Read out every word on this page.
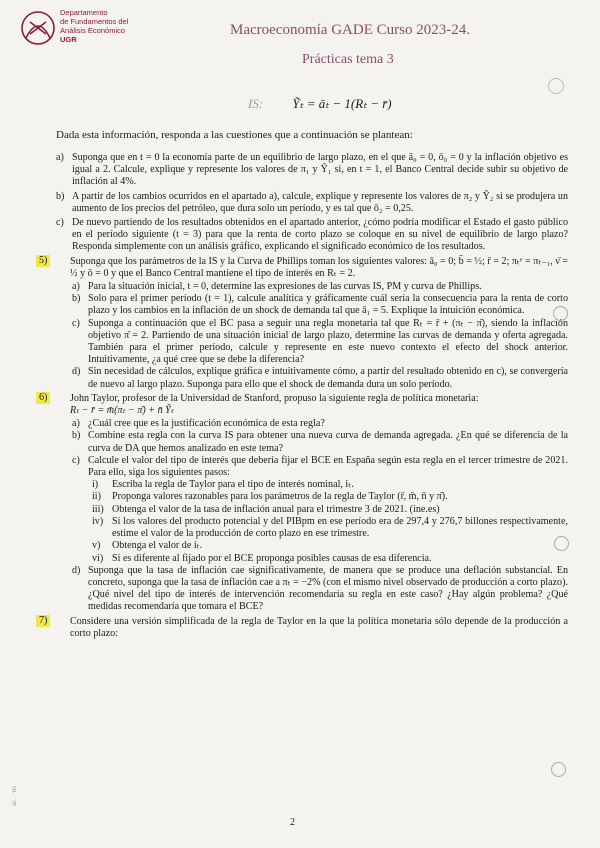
Departamento
de Fundamentos del
Análisis Económico
UGR
Macroeconomía GADE Curso 2023-24.
Prácticas tema 3
IS: Ỹₜ = āₜ − 1(Rₜ − r̄)
Dada esta información, responda a las cuestiones que a continuación se plantean:
a) Suponga que en t = 0 la economía parte de un equilibrio de largo plazo, en el que ā₀ = 0, ō₀ = 0 y la inflación objetivo es igual a 2. Calcule, explique y represente los valores de π₁ y Ỹ₁ si, en t = 1, el Banco Central decide subir su objetivo de inflación al 4%.
b) A partir de los cambios ocurridos en el apartado a), calcule, explique y represente los valores de π₂ y Ỹ₂ si se produjera un aumento de los precios del petróleo, que dura solo un período, y es tal que ō₂ = 0,25.
c) De nuevo partiendo de los resultados obtenidos en el apartado anterior, ¿cómo podría modificar el Estado el gasto público en el período siguiente (t = 3) para que la renta de corto plazo se coloque en su nivel de equilibrio de largo plazo? Responda simplemente con un análisis gráfico, explicando el significado económico de los resultados.
5) Suponga que los parámetros de la IS y la Curva de Phillips toman los siguientes valores: ā₀ = 0; b̄ = ½; r̄ = 2; πₜᵉ = πₜ₋₁, ν̄ = ½ y ō = 0 y que el Banco Central mantiene el tipo de interés en Rₜ = 2.
a) Para la situación inicial, t = 0, determine las expresiones de las curvas IS, PM y curva de Phillips.
b) Solo para el primer período (t = 1), calcule analítica y gráficamente cuál sería la consecuencia para la renta de corto plazo y los cambios en la inflación de un shock de demanda tal que ā₁ = 5. Explique la intuición económica.
c) Suponga a continuación que el BC pasa a seguir una regla monetaria tal que Rₜ = r̄ + (πₜ − π̄), siendo la inflación objetivo π̄ = 2. Partiendo de una situación inicial de largo plazo, determine las curvas de demanda y oferta agregada. También para el primer período, calcule y represente en este nuevo contexto el efecto del shock anterior. Intuitivamente, ¿a qué cree que se debe la diferencia?
d) Sin necesidad de cálculos, explique gráfica e intuitivamente cómo, a partir del resultado obtenido en c), se convergería de nuevo al largo plazo. Suponga para ello que el shock de demanda dura un solo período.
6) John Taylor, profesor de la Universidad de Stanford, propuso la siguiente regla de política monetaria:
Rₜ − r̄ = m̄(πₜ − π̄) + n̄ Ỹₜ
a) ¿Cuál cree que es la justificación económica de esta regla?
b) Combine esta regla con la curva IS para obtener una nueva curva de demanda agregada. ¿En qué se diferencia de la curva de DA que hemos analizado en este tema?
c) Calcule el valor del tipo de interés que debería fijar el BCE en España según esta regla en el tercer trimestre de 2021. Para ello, siga los siguientes pasos:
i) Escriba la regla de Taylor para el tipo de interés nominal, iₜ.
ii) Proponga valores razonables para los parámetros de la regla de Taylor (r̄, m̄, n̄ y π̄).
iii) Obtenga el valor de la tasa de inflación anual para el trimestre 3 de 2021. (ine.es)
iv) Si los valores del producto potencial y del PIBpm en ese período era de 297,4 y 276,7 billones respectivamente, estime el valor de la producción de corto plazo en ese trimestre.
v) Obtenga el valor de iₜ.
vi) Si es diferente al fijado por el BCE proponga posibles causas de esa diferencia.
d) Suponga que la tasa de inflación cae significativamente, de manera que se produce una deflación substancial. En concreto, suponga que la tasa de inflación cae a πₜ = −2% (con el mismo nivel observado de producción a corto plazo). ¿Qué nivel del tipo de interés de intervención recomendaría su regla en este caso? ¿Hay algún problema? ¿Qué medidas recomendaría que tomara el BCE?
7) Considere una versión simplificada de la regla de Taylor en la que la política monetaria sólo depende de la producción a corto plazo:
ac. · ns
2
